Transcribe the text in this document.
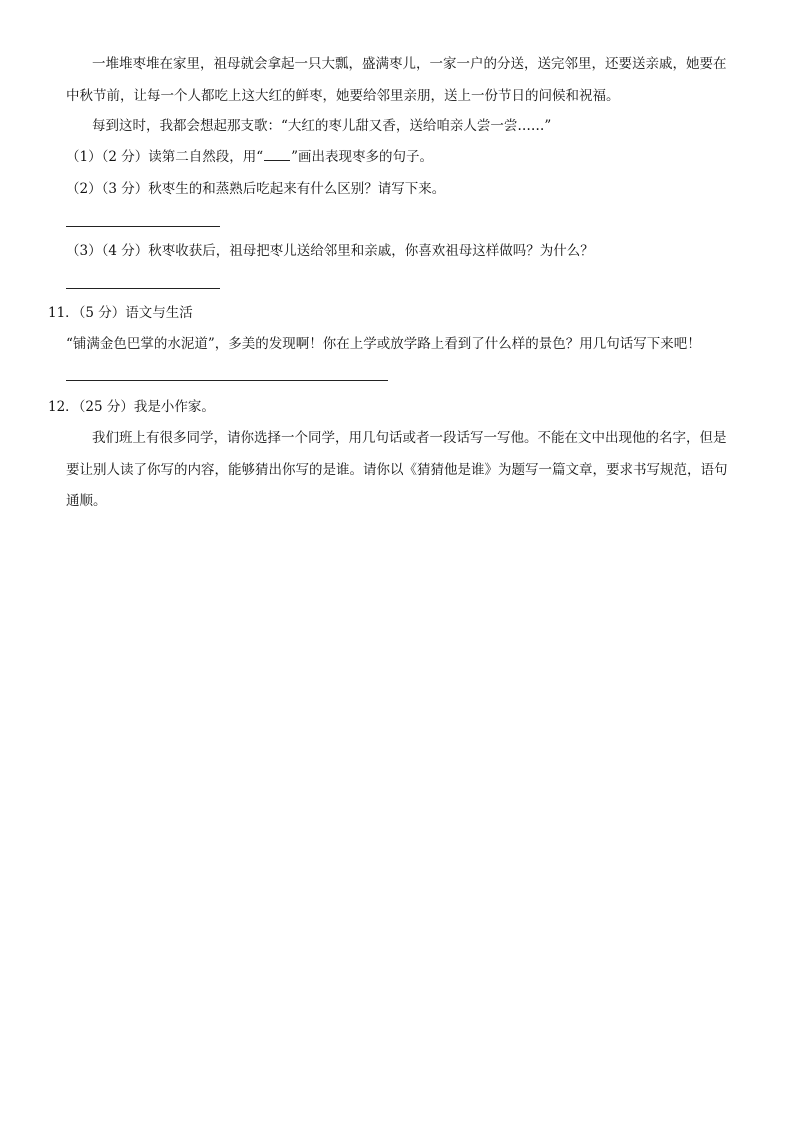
一堆堆枣堆在家里，祖母就会拿起一只大瓢，盛满枣儿，一家一户的分送，送完邻里，还要送亲戚，她要在
中秋节前，让每一个人都吃上这大红的鲜枣，她要给邻里亲朋，送上一份节日的问候和祝福。
每到这时，我都会想起那支歌：“大红的枣儿甜又香，送给咱亲人尝一尝……”
（1）（2 分）读第二自然段，用“ ”画出表现枣多的句子。
（2）（3 分）秋枣生的和蒸熟后吃起来有什么区别？请写下来。
（3）（4 分）秋枣收获后，祖母把枣儿送给邻里和亲戚，你喜欢祖母这样做吗？为什么？
11．（5 分）语文与生活
“铺满金色巴掌的水泥道”，多美的发现啊！你在上学或放学路上看到了什么样的景色？用几句话写下来吧！
12．（25 分）我是小作家。
我们班上有很多同学，请你选择一个同学，用几句话或者一段话写一写他。不能在文中出现他的名字，但是
要让别人读了你写的内容，能够猜出你写的是谁。请你以《猜猜他是谁》为题写一篇文章，要求书写规范，语句
通顺。
